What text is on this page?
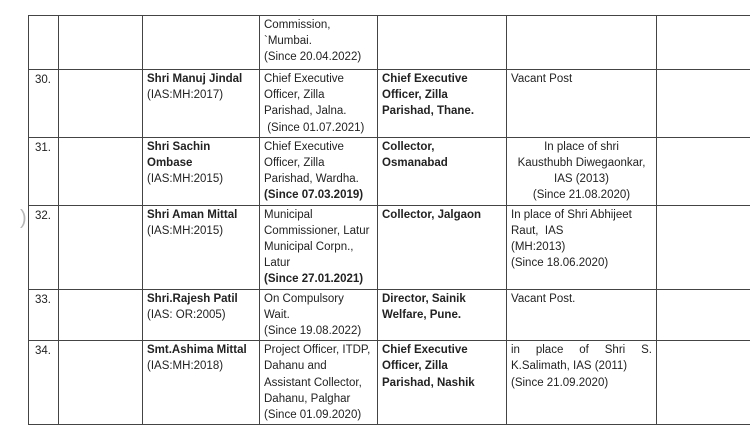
)

			Commission,
`Mumbai.
(Since 20.04.2022)			

30.		Shri Manuj Jindal
(IAS:MH:2017)	Chief Executive
Officer, Zilla
Parishad, Jalna.
(Since 01.07.2021)	Chief Executive Officer, Zilla Parishad, Thane.	Vacant Post	

31.		Shri Sachin Ombase
(IAS:MH:2015)	Chief Executive
Officer, Zilla
Parishad, Wardha.
(Since 07.03.2019)	Collector, Osmanabad	In place of shri
Kausthubh Diwegaonkar,
IAS (2013)
(Since 21.08.2020)	

32.		Shri Aman Mittal
(IAS:MH:2015)	Municipal
Commissioner, Latur
Municipal Corpn.,
Latur
(Since 27.01.2021)	Collector, Jalgaon	In place of Shri Abhijeet
Raut,  IAS
(MH:2013)
(Since 18.06.2020)	

33.		Shri.Rajesh Patil
(IAS: OR:2005)	On Compulsory
Wait.
(Since 19.08.2022)	Director, Sainik Welfare, Pune.	Vacant Post.	

34.		Smt.Ashima Mittal
(IAS:MH:2018)	Project Officer, ITDP,
Dahanu and
Assistant Collector,
Dahanu, Palghar
(Since 01.09.2020)	Chief Executive Officer, Zilla Parishad, Nashik	in place of Shri S. K.Salimath, IAS (2011)
(Since 21.09.2020)	
